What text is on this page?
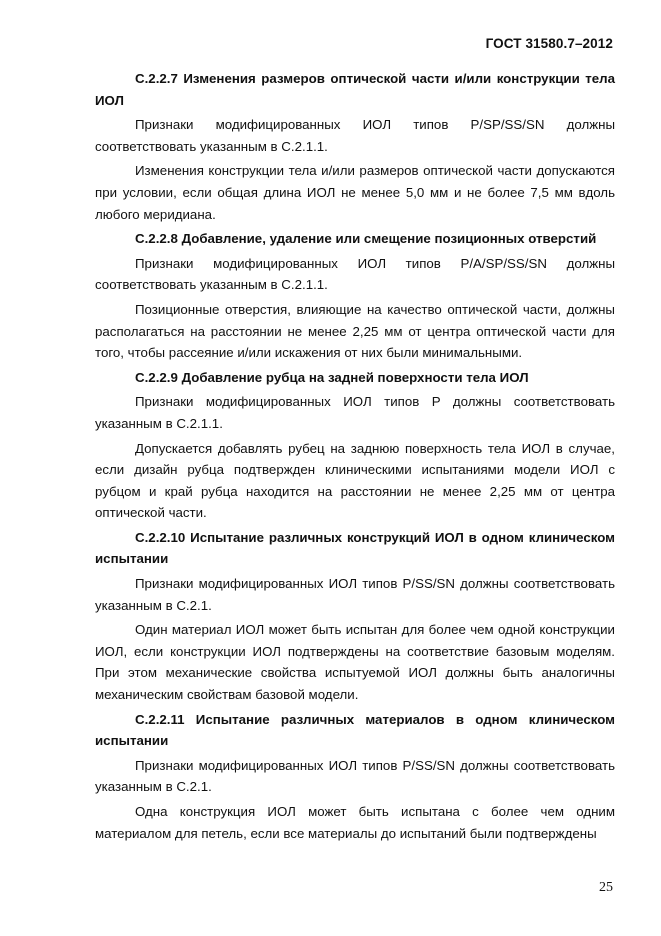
ГОСТ 31580.7–2012

С.2.2.7 Изменения размеров оптической части и/или конструкции тела ИОЛ

Признаки модифицированных ИОЛ типов P/SP/SS/SN должны соответствовать указанным в С.2.1.1.

Изменения конструкции тела и/или размеров оптической части допускаются при условии, если общая длина ИОЛ не менее 5,0 мм и не более 7,5 мм вдоль любого меридиана.

С.2.2.8 Добавление, удаление или смещение позиционных отверстий

Признаки модифицированных ИОЛ типов P/A/SP/SS/SN должны соответствовать указанным в С.2.1.1.

Позиционные отверстия, влияющие на качество оптической части, должны располагаться на расстоянии не менее 2,25 мм от центра оптической части для того, чтобы рассеяние и/или искажения от них были минимальными.

С.2.2.9 Добавление рубца на задней поверхности тела ИОЛ

Признаки модифицированных ИОЛ типов P должны соответствовать указанным в С.2.1.1.

Допускается добавлять рубец на заднюю поверхность тела ИОЛ в случае, если дизайн рубца подтвержден клиническими испытаниями модели ИОЛ с рубцом и край рубца находится на расстоянии не менее 2,25 мм от центра оптической части.

С.2.2.10 Испытание различных конструкций ИОЛ в одном клиническом испытании

Признаки модифицированных ИОЛ типов P/SS/SN должны соответствовать указанным в С.2.1.

Один материал ИОЛ может быть испытан для более чем одной конструкции ИОЛ, если конструкции ИОЛ подтверждены на соответствие базовым моделям. При этом механические свойства испытуемой ИОЛ должны быть аналогичны механическим свойствам базовой модели.

С.2.2.11 Испытание различных материалов в одном клиническом испытании

Признаки модифицированных ИОЛ типов P/SS/SN должны соответствовать указанным в С.2.1.

Одна конструкция ИОЛ может быть испытана с более чем одним материалом для петель, если все материалы до испытаний были подтверждены

25
